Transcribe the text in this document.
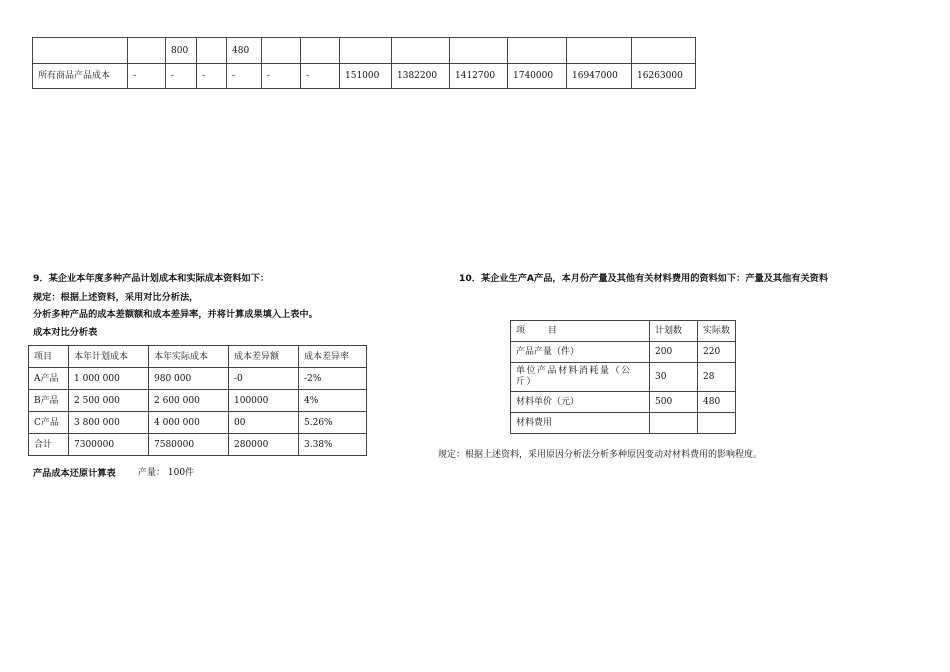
		800		480								
所有商品产品成本	-	-	-	-	-	-	151000	1382200	1412700	1740000	16947000	16263000
9．某企业本年度多种产品计划成本和实际成本资料如下：
规定：根据上述资料，采用对比分析法，
分析多种产品的成本差额额和成本差异率，并将计算成果填入上表中。
成本对比分析表
项目	本年计划成本	本年实际成本	成本差异额	成本差异率
A产品	1 000 000	980 000	-0	-2%
B产品	2 500 000	2 600 000	100000	4%
C产品	3 800 000	4 000 000	00	5.26%
合计	7300000	7580000	280000	3.38%
产品成本还原计算表 产量： 100件
10．某企业生产A产品，本月份产量及其他有关材料费用的资料如下：产量及其他有关资料
项        目	计划数	实际数
产品产量（件）	200	220
单位产品材料消耗量（公斤）	30	28
材料单价（元）	500	480
材料费用		
规定：根据上述资料，采用原因分析法分析多种原因变动对材料费用的影响程度。
